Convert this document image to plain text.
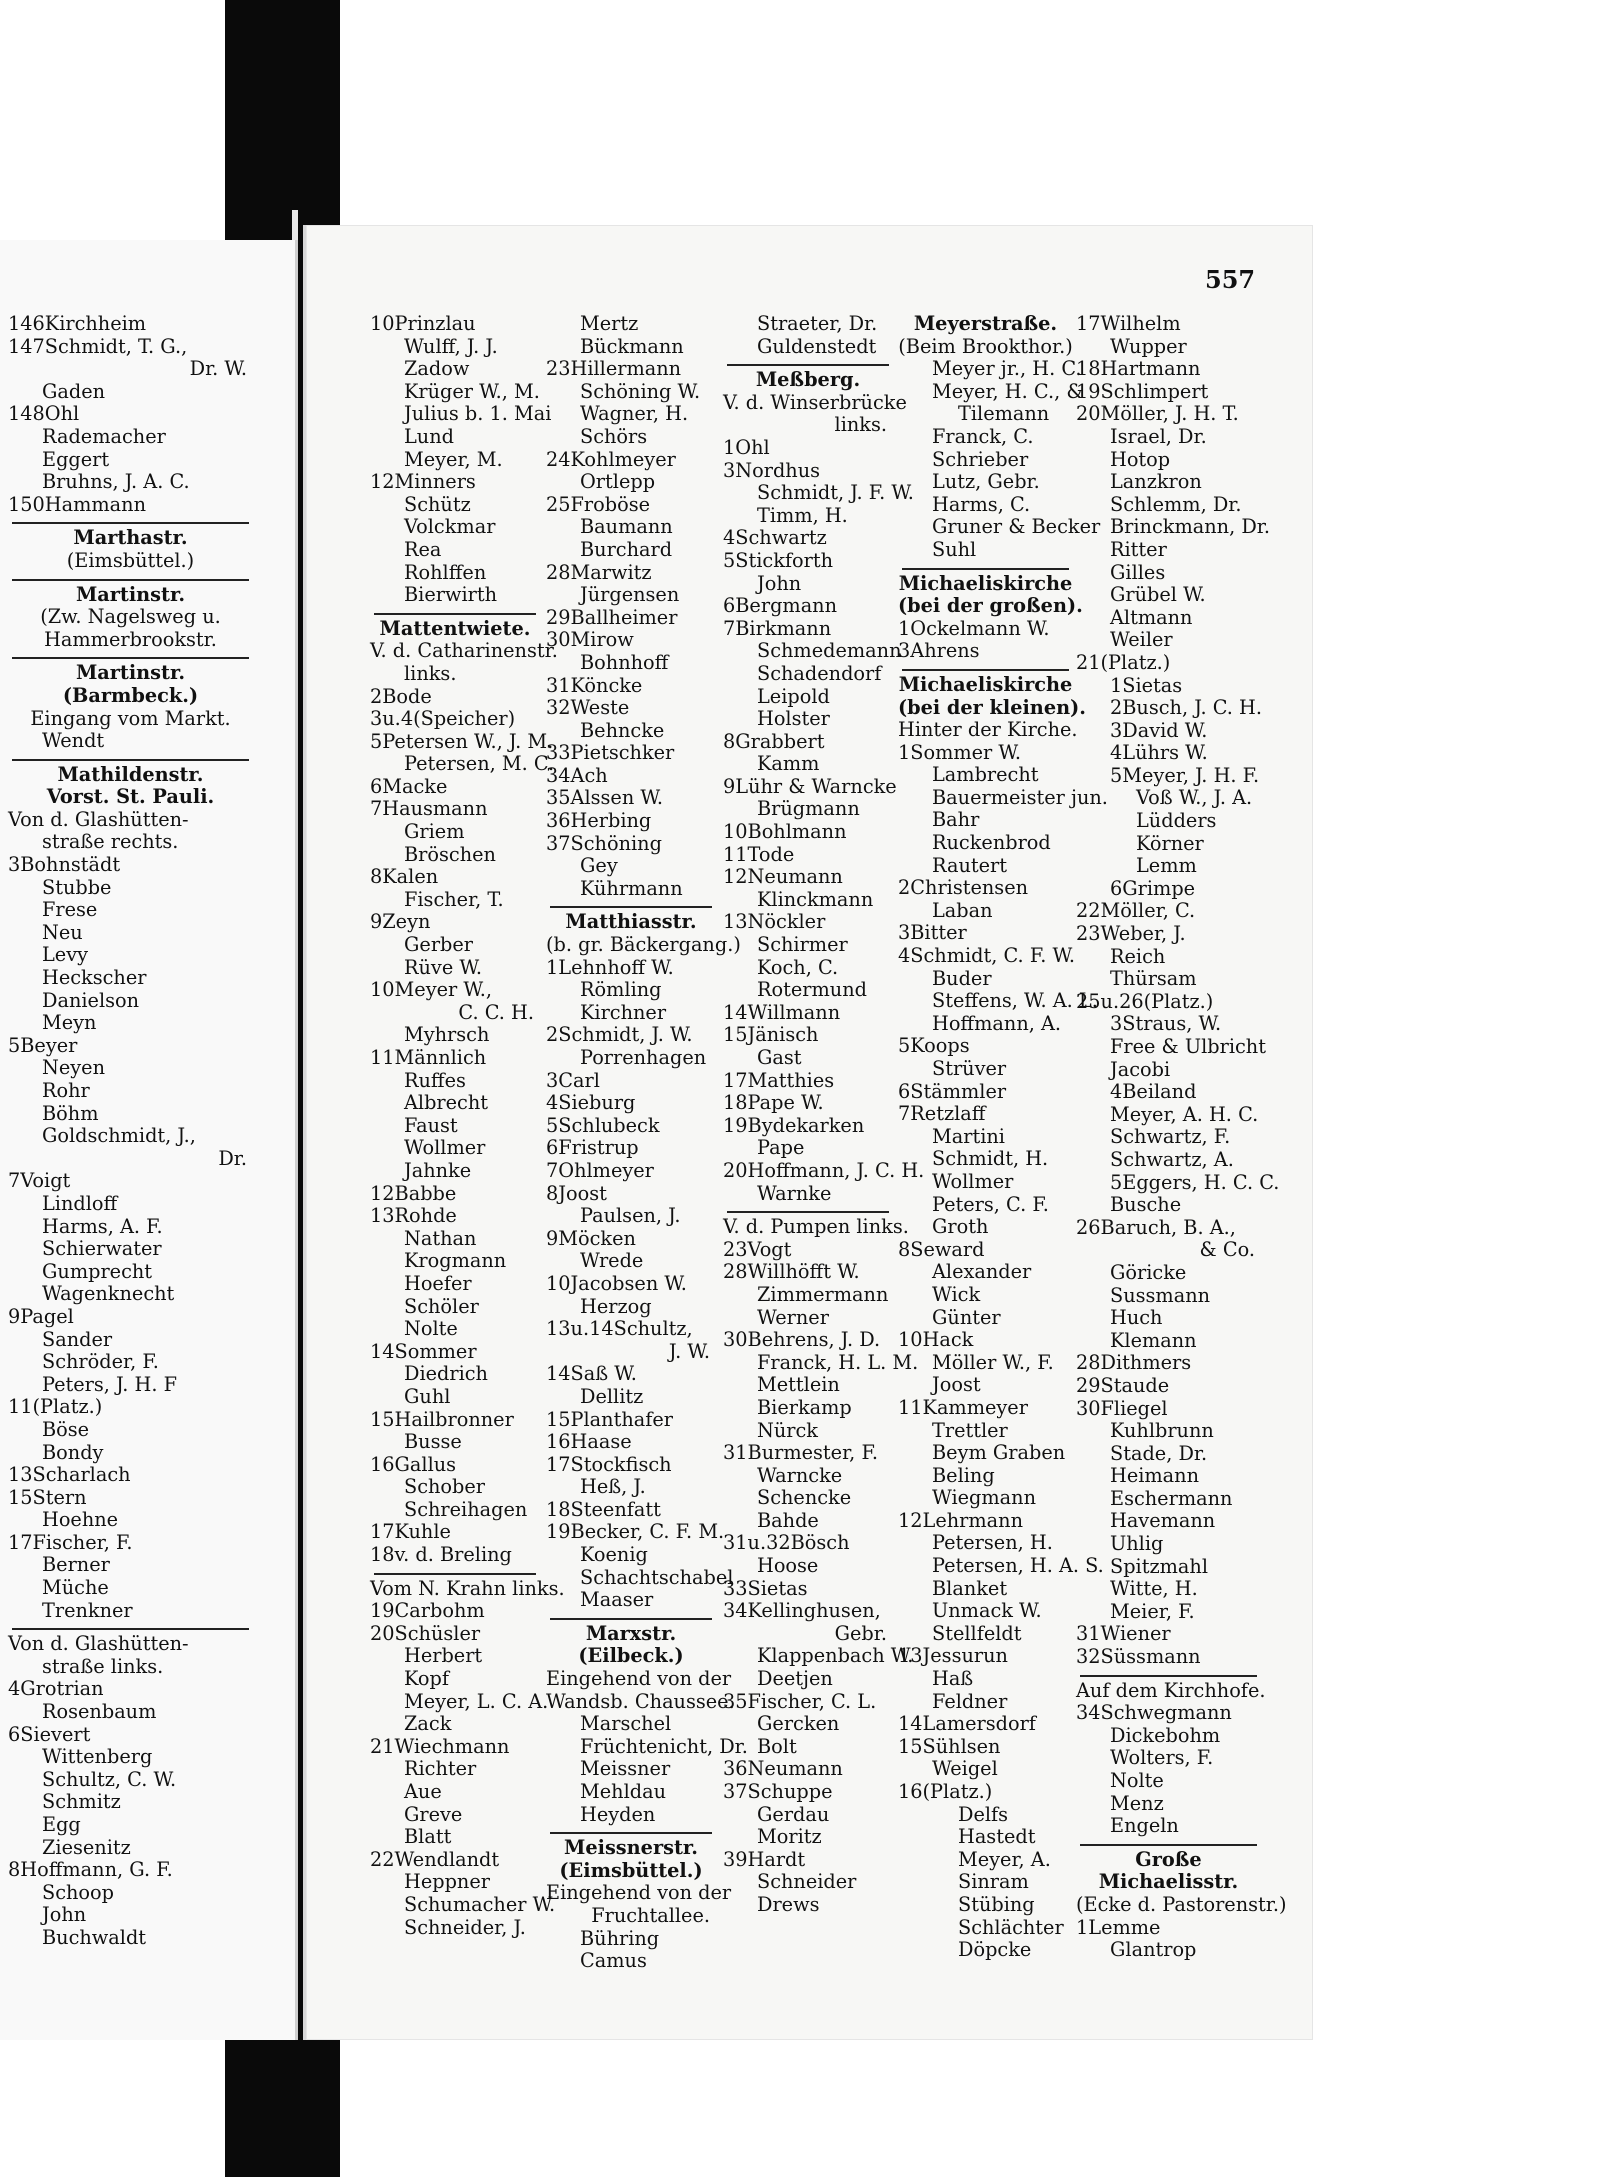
557
146Kirchheim
147Schmidt, T. G.,
Dr. W.
Gaden
148Ohl
Rademacher
Eggert
Bruhns, J. A. C.
150Hammann
Marthastr.
(Eimsbüttel.)
Martinstr.
(Zw. Nagelsweg u.
Hammerbrookstr.
Martinstr.
(Barmbeck.)
Eingang vom Markt.
Wendt
Mathildenstr.
Vorst. St. Pauli.
Von d. Glashütten-
straße rechts.
3Bohnstädt
Stubbe
Frese
Neu
Levy
Heckscher
Danielson
Meyn
5Beyer
Neyen
Rohr
Böhm
Goldschmidt, J.,
Dr.
7Voigt
Lindloff
Harms, A. F.
Schierwater
Gumprecht
Wagenknecht
9Pagel
Sander
Schröder, F.
Peters, J. H. F
11(Platz.)
Böse
Bondy
13Scharlach
15Stern
Hoehne
17Fischer, F.
Berner
Müche
Trenkner
Von d. Glashütten-
straße links.
4Grotrian
Rosenbaum
6Sievert
Wittenberg
Schultz, C. W.
Schmitz
Egg
Ziesenitz
8Hoffmann, G. F.
Schoop
John
Buchwaldt
10Prinzlau
Wulff, J. J.
Zadow
Krüger W., M.
Julius b. 1. Mai
Lund
Meyer, M.
12Minners
Schütz
Volckmar
Rea
Rohlffen
Bierwirth
Mattentwiete.
V. d. Catharinenstr.
links.
2Bode
3u.4(Speicher)
5Petersen W., J. M.
Petersen, M. C.
6Macke
7Hausmann
Griem
Bröschen
8Kalen
Fischer, T.
9Zeyn
Gerber
Rüve W.
10Meyer W.,
C. C. H.
Myhrsch
11Männlich
Ruffes
Albrecht
Faust
Wollmer
Jahnke
12Babbe
13Rohde
Nathan
Krogmann
Hoefer
Schöler
Nolte
14Sommer
Diedrich
Guhl
15Hailbronner
Busse
16Gallus
Schober
Schreihagen
17Kuhle
18v. d. Breling
Vom N. Krahn links.
19Carbohm
20Schüsler
Herbert
Kopf
Meyer, L. C. A.
Zack
21Wiechmann
Richter
Aue
Greve
Blatt
22Wendlandt
Heppner
Schumacher W.
Schneider, J.
Mertz
Bückmann
23Hillermann
Schöning W.
Wagner, H.
Schörs
24Kohlmeyer
Ortlepp
25Froböse
Baumann
Burchard
28Marwitz
Jürgensen
29Ballheimer
30Mirow
Bohnhoff
31Köncke
32Weste
Behncke
33Pietschker
34Ach
35Alssen W.
36Herbing
37Schöning
Gey
Kührmann
Matthiasstr.
(b. gr. Bäckergang.)
1Lehnhoff W.
Römling
Kirchner
2Schmidt, J. W.
Porrenhagen
3Carl
4Sieburg
5Schlubeck
6Fristrup
7Ohlmeyer
8Joost
Paulsen, J.
9Möcken
Wrede
10Jacobsen W.
Herzog
13u.14Schultz,
J. W.
14Saß W.
Dellitz
15Planthafer
16Haase
17Stockfisch
Heß, J.
18Steenfatt
19Becker, C. F. M.
Koenig
Schachtschabel
Maaser
Marxstr.
(Eilbeck.)
Eingehend von der
Wandsb. Chaussee.
Marschel
Früchtenicht, Dr.
Meissner
Mehldau
Heyden
Meissnerstr.
(Eimsbüttel.)
Eingehend von der
Fruchtallee.
Bühring
Camus
Straeter, Dr.
Guldenstedt
Meßberg.
V. d. Winserbrücke
links.
1Ohl
3Nordhus
Schmidt, J. F. W.
Timm, H.
4Schwartz
5Stickforth
John
6Bergmann
7Birkmann
Schmedemann
Schadendorf
Leipold
Holster
8Grabbert
Kamm
9Lühr & Warncke
Brügmann
10Bohlmann
11Tode
12Neumann
Klinckmann
13Nöckler
Schirmer
Koch, C.
Rotermund
14Willmann
15Jänisch
Gast
17Matthies
18Pape W.
19Bydekarken
Pape
20Hoffmann, J. C. H.
Warnke
V. d. Pumpen links.
23Vogt
28Willhöfft W.
Zimmermann
Werner
30Behrens, J. D.
Franck, H. L. M.
Mettlein
Bierkamp
Nürck
31Burmester, F.
Warncke
Schencke
Bahde
31u.32Bösch
Hoose
33Sietas
34Kellinghusen,
Gebr.
Klappenbach W.
Deetjen
35Fischer, C. L.
Gercken
Bolt
36Neumann
37Schuppe
Gerdau
Moritz
39Hardt
Schneider
Drews
Meyerstraße.
(Beim Brookthor.)
Meyer jr., H. C.
Meyer, H. C., &
Tilemann
Franck, C.
Schrieber
Lutz, Gebr.
Harms, C.
Gruner & Becker
Suhl
Michaeliskirche
(bei der großen).
1Ockelmann W.
3Ahrens
Michaeliskirche
(bei der kleinen).
Hinter der Kirche.
1Sommer W.
Lambrecht
Bauermeister jun.
Bahr
Ruckenbrod
Rautert
2Christensen
Laban
3Bitter
4Schmidt, C. F. W.
Buder
Steffens, W. A. L.
Hoffmann, A.
5Koops
Strüver
6Stämmler
7Retzlaff
Martini
Schmidt, H.
Wollmer
Peters, C. F.
Groth
8Seward
Alexander
Wick
Günter
10Hack
Möller W., F.
Joost
11Kammeyer
Trettler
Beym Graben
Beling
Wiegmann
12Lehrmann
Petersen, H.
Petersen, H. A. S.
Blanket
Unmack W.
Stellfeldt
13Jessurun
Haß
Feldner
14Lamersdorf
15Sühlsen
Weigel
16(Platz.)
Delfs
Hastedt
Meyer, A.
Sinram
Stübing
Schlächter
Döpcke
17Wilhelm
Wupper
18Hartmann
19Schlimpert
20Möller, J. H. T.
Israel, Dr.
Hotop
Lanzkron
Schlemm, Dr.
Brinckmann, Dr.
Ritter
Gilles
Grübel W.
Altmann
Weiler
21(Platz.)
1Sietas
2Busch, J. C. H.
3David W.
4Lührs W.
5Meyer, J. H. F.
Voß W., J. A.
Lüdders
Körner
Lemm
6Grimpe
22Möller, C.
23Weber, J.
Reich
Thürsam
25u.26(Platz.)
3Straus, W.
Free & Ulbricht
Jacobi
4Beiland
Meyer, A. H. C.
Schwartz, F.
Schwartz, A.
5Eggers, H. C. C.
Busche
26Baruch, B. A.,
& Co.
Göricke
Sussmann
Huch
Klemann
28Dithmers
29Staude
30Fliegel
Kuhlbrunn
Stade, Dr.
Heimann
Eschermann
Havemann
Uhlig
Spitzmahl
Witte, H.
Meier, F.
31Wiener
32Süssmann
Auf dem Kirchhofe.
34Schwegmann
Dickebohm
Wolters, F.
Nolte
Menz
Engeln
Große
Michaelisstr.
(Ecke d. Pastorenstr.)
1Lemme
Glantrop
